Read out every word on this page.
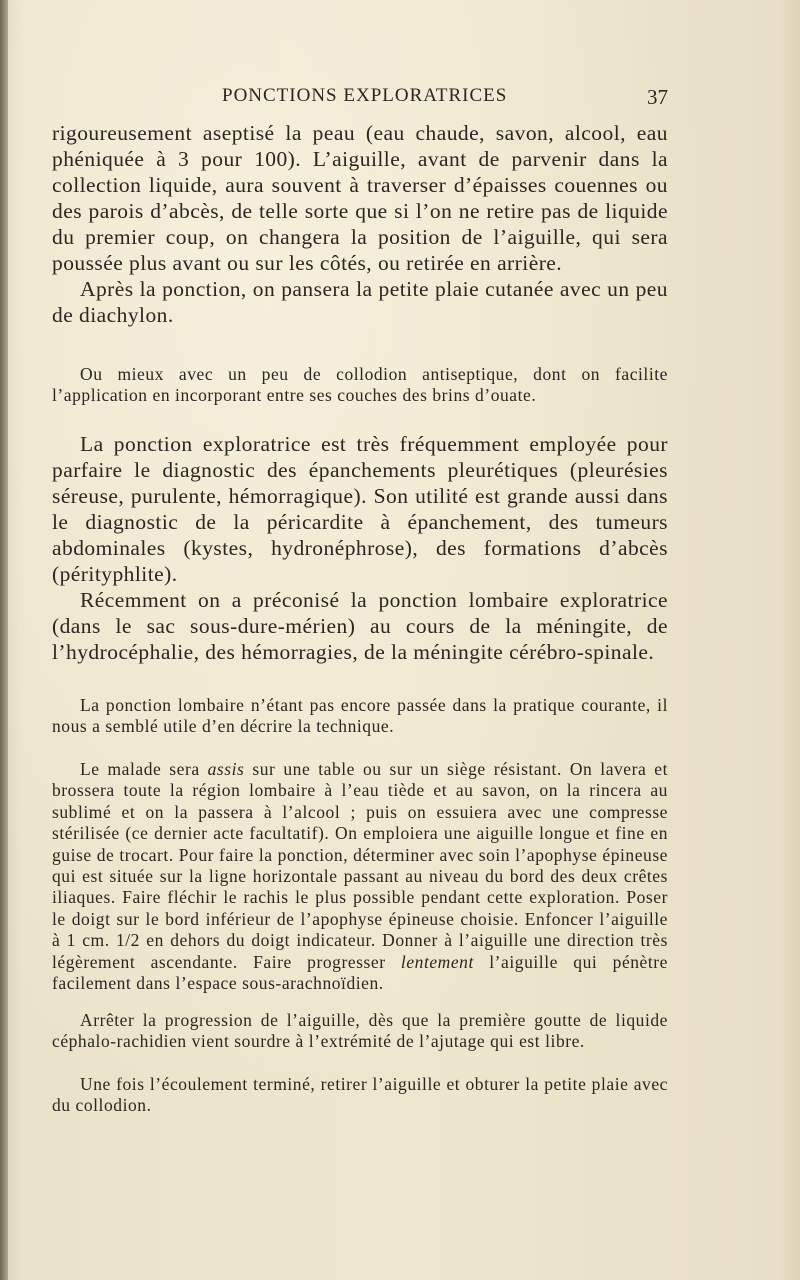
PONCTIONS EXPLORATRICES	37

rigoureusement aseptisé la peau (eau chaude, savon, alcool, eau phéniquée à 3 pour 100). L’aiguille, avant de parvenir dans la collection liquide, aura souvent à traverser d’épaisses couennes ou des parois d’abcès, de telle sorte que si l’on ne retire pas de liquide du premier coup, on changera la position de l’aiguille, qui sera poussée plus avant ou sur les côtés, ou retirée en arrière.

Après la ponction, on pansera la petite plaie cutanée avec un peu de diachylon.

Ou mieux avec un peu de collodion antiseptique, dont on facilite l’application en incorporant entre ses couches des brins d’ouate.

La ponction exploratrice est très fréquemment employée pour parfaire le diagnostic des épanchements pleurétiques (pleurésies séreuse, purulente, hémorragique). Son utilité est grande aussi dans le diagnostic de la péricardite à épanchement, des tumeurs abdominales (kystes, hydronéphrose), des formations d’abcès (pérityphlite).

Récemment on a préconisé la ponction lombaire exploratrice (dans le sac sous-dure-mérien) au cours de la méningite, de l’hydrocéphalie, des hémorragies, de la méningite cérébro-spinale.

La ponction lombaire n’étant pas encore passée dans la pratique courante, il nous a semblé utile d’en décrire la technique.

Le malade sera assis sur une table ou sur un siège résistant. On lavera et brossera toute la région lombaire à l’eau tiède et au savon, on la rincera au sublimé et on la passera à l’alcool ; puis on essuiera avec une compresse stérilisée (ce dernier acte facultatif). On emploiera une aiguille longue et fine en guise de trocart. Pour faire la ponction, déterminer avec soin l’apophyse épineuse qui est située sur la ligne horizontale passant au niveau du bord des deux crêtes iliaques. Faire fléchir le rachis le plus possible pendant cette exploration. Poser le doigt sur le bord inférieur de l’apophyse épineuse choisie. Enfoncer l’aiguille à 1 cm. 1/2 en dehors du doigt indicateur. Donner à l’aiguille une direction très légèrement ascendante. Faire progresser lentement l’aiguille qui pénètre facilement dans l’espace sous-arachnoïdien.

Arrêter la progression de l’aiguille, dès que la première goutte de liquide céphalo-rachidien vient sourdre à l’extrémité de l’ajutage qui est libre.

Une fois l’écoulement terminé, retirer l’aiguille et obturer la petite plaie avec du collodion.
